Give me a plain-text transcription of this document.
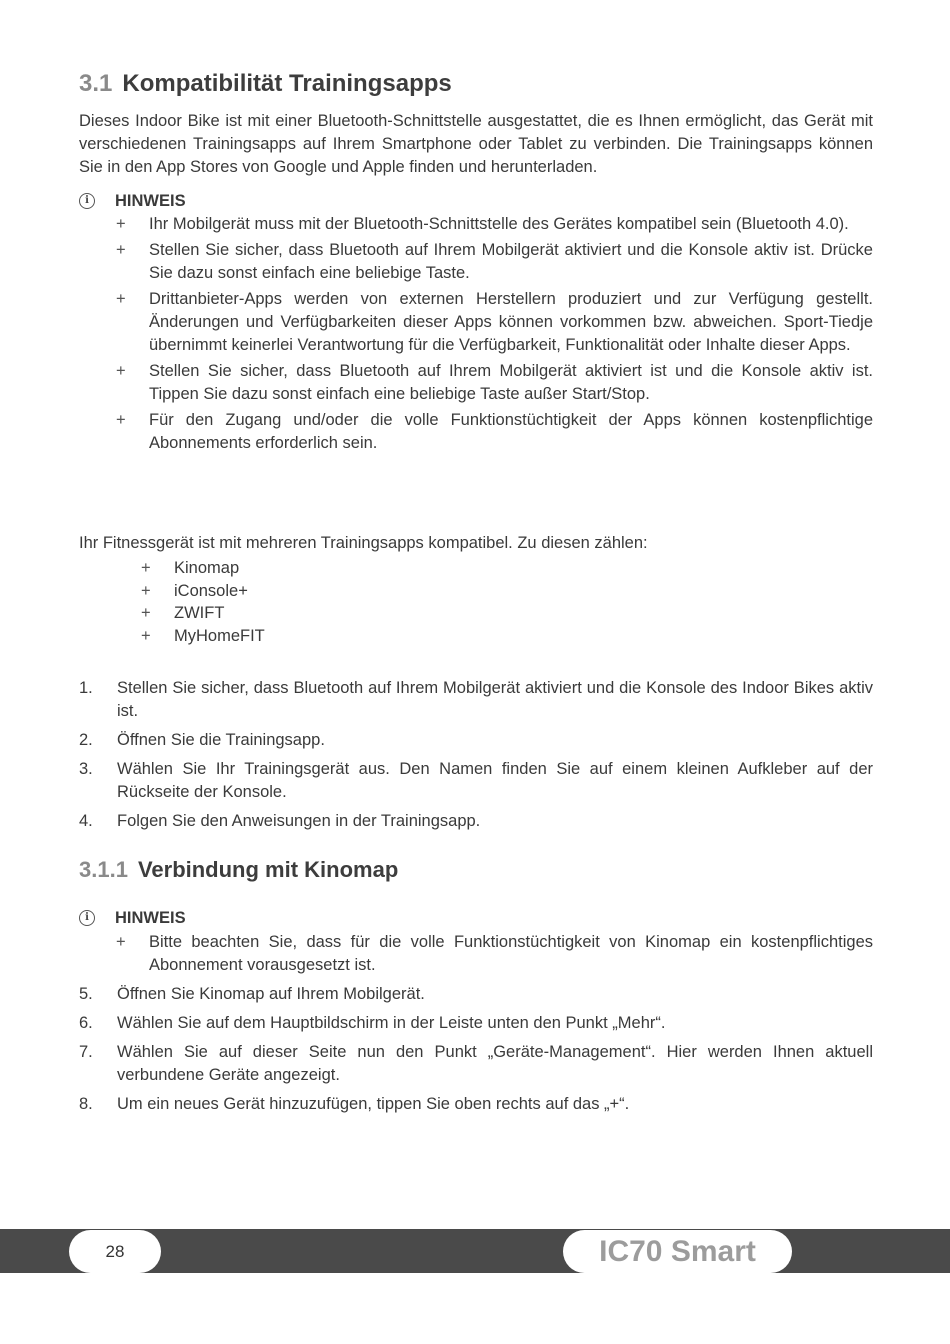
3.1 Kompatibilität Trainingsapps
Dieses Indoor Bike ist mit einer Bluetooth-Schnittstelle ausgestattet, die es Ihnen ermöglicht, das Gerät mit verschiedenen Trainingsapps auf Ihrem Smartphone oder Tablet zu verbinden. Die Trainingsapps können Sie in den App Stores von Google und Apple finden und herunterladen.
i HINWEIS
+ Ihr Mobilgerät muss mit der Bluetooth-Schnittstelle des Gerätes kompatibel sein (Bluetooth 4.0).
+ Stellen Sie sicher, dass Bluetooth auf Ihrem Mobilgerät aktiviert und die Konsole aktiv ist. Drücke Sie dazu sonst einfach eine beliebige Taste.
+ Drittanbieter-Apps werden von externen Herstellern produziert und zur Verfügung gestellt. Änderungen und Verfügbarkeiten dieser Apps können vorkommen bzw. abweichen. Sport-Tiedje übernimmt keinerlei Verantwortung für die Verfügbarkeit, Funktionalität oder Inhalte dieser Apps.
+ Stellen Sie sicher, dass Bluetooth auf Ihrem Mobilgerät aktiviert ist und die Konsole aktiv ist. Tippen Sie dazu sonst einfach eine beliebige Taste außer Start/Stop.
+ Für den Zugang und/oder die volle Funktionstüchtigkeit der Apps können kostenpflichtige Abonnements erforderlich sein.
Ihr Fitnessgerät ist mit mehreren Trainingsapps kompatibel. Zu diesen zählen:
+ Kinomap
+ iConsole+
+ ZWIFT
+ MyHomeFIT
1. Stellen Sie sicher, dass Bluetooth auf Ihrem Mobilgerät aktiviert und die Konsole des Indoor Bikes aktiv ist.
2. Öffnen Sie die Trainingsapp.
3. Wählen Sie Ihr Trainingsgerät aus. Den Namen finden Sie auf einem kleinen Aufkleber auf der Rückseite der Konsole.
4. Folgen Sie den Anweisungen in der Trainingsapp.
3.1.1 Verbindung mit Kinomap
i HINWEIS
+ Bitte beachten Sie, dass für die volle Funktionstüchtigkeit von Kinomap ein kostenpflichtiges Abonnement vorausgesetzt ist.
5. Öffnen Sie Kinomap auf Ihrem Mobilgerät.
6. Wählen Sie auf dem Hauptbildschirm in der Leiste unten den Punkt „Mehr“.
7. Wählen Sie auf dieser Seite nun den Punkt „Geräte-Management“. Hier werden Ihnen aktuell verbundene Geräte angezeigt.
8. Um ein neues Gerät hinzuzufügen, tippen Sie oben rechts auf das „+“.
28	IC70 Smart
